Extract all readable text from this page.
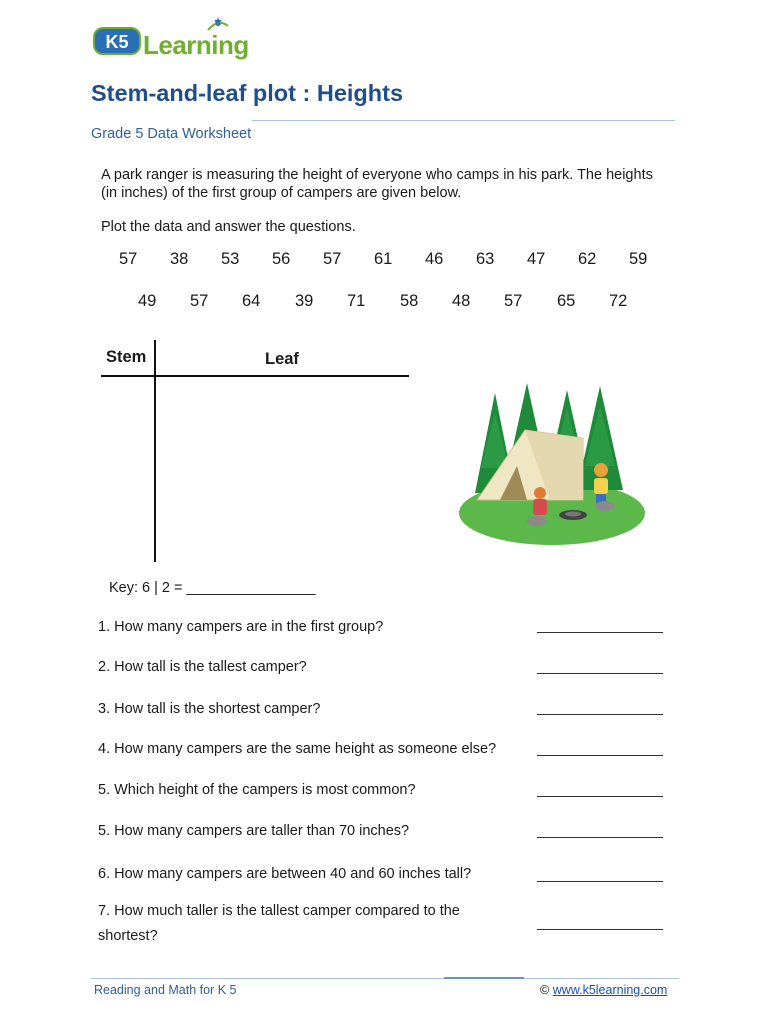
K5 Learning
Stem-and-leaf plot : Heights
Grade 5 Data Worksheet
A park ranger is measuring the height of everyone who camps in his park. The heights (in inches) of the first group of campers are given below.
Plot the data and answer the questions.
57 38 53 56 57 61 46 63 47 62 59
49 57 64 39 71 58 48 57 65 72
Stem	Leaf
Key: 6 | 2 = ________________
1. How many campers are in the first group?
2. How tall is the tallest camper?
3. How tall is the shortest camper?
4. How many campers are the same height as someone else?
5. Which height of the campers is most common?
5. How many campers are taller than 70 inches?
6. How many campers are between 40 and 60 inches tall?
7. How much taller is the tallest camper compared to the shortest?
Reading and Math for K 5	© www.k5learning.com
